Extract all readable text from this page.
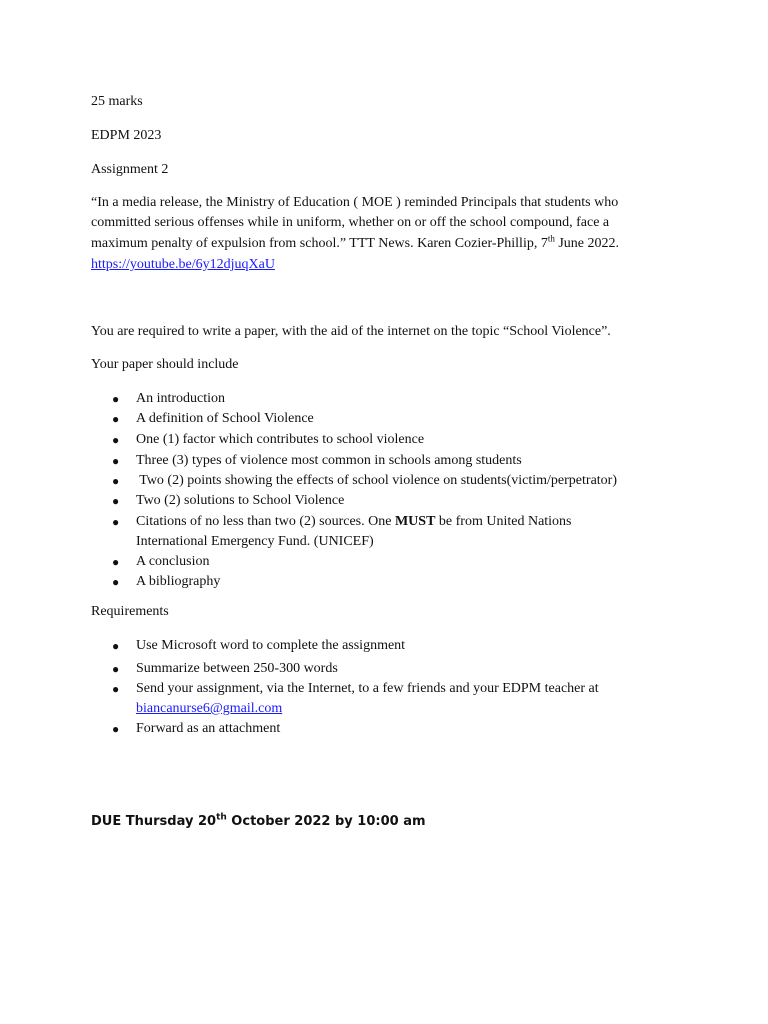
25 marks
EDPM 2023
Assignment 2
“In a media release, the Ministry of Education ( MOE ) reminded Principals that students who
committed serious offenses while in uniform, whether on or off the school compound, face a
maximum penalty of expulsion from school.” TTT News. Karen Cozier-Phillip, 7th June 2022.
https://youtube.be/6y12djuqXaU
You are required to write a paper, with the aid of the internet on the topic “School Violence”.
Your paper should include
● An introduction
● A definition of School Violence
● One (1) factor which contributes to school violence
● Three (3) types of violence most common in schools among students
● Two (2) points showing the effects of school violence on students(victim/perpetrator)
● Two (2) solutions to School Violence
● Citations of no less than two (2) sources. One MUST be from United Nations
International Emergency Fund. (UNICEF)
● A conclusion
● A bibliography
Requirements
● Use Microsoft word to complete the assignment
● Summarize between 250-300 words
● Send your assignment, via the Internet, to a few friends and your EDPM teacher at
biancanurse6@gmail.com
● Forward as an attachment
DUE Thursday 20th October 2022 by 10:00 am
